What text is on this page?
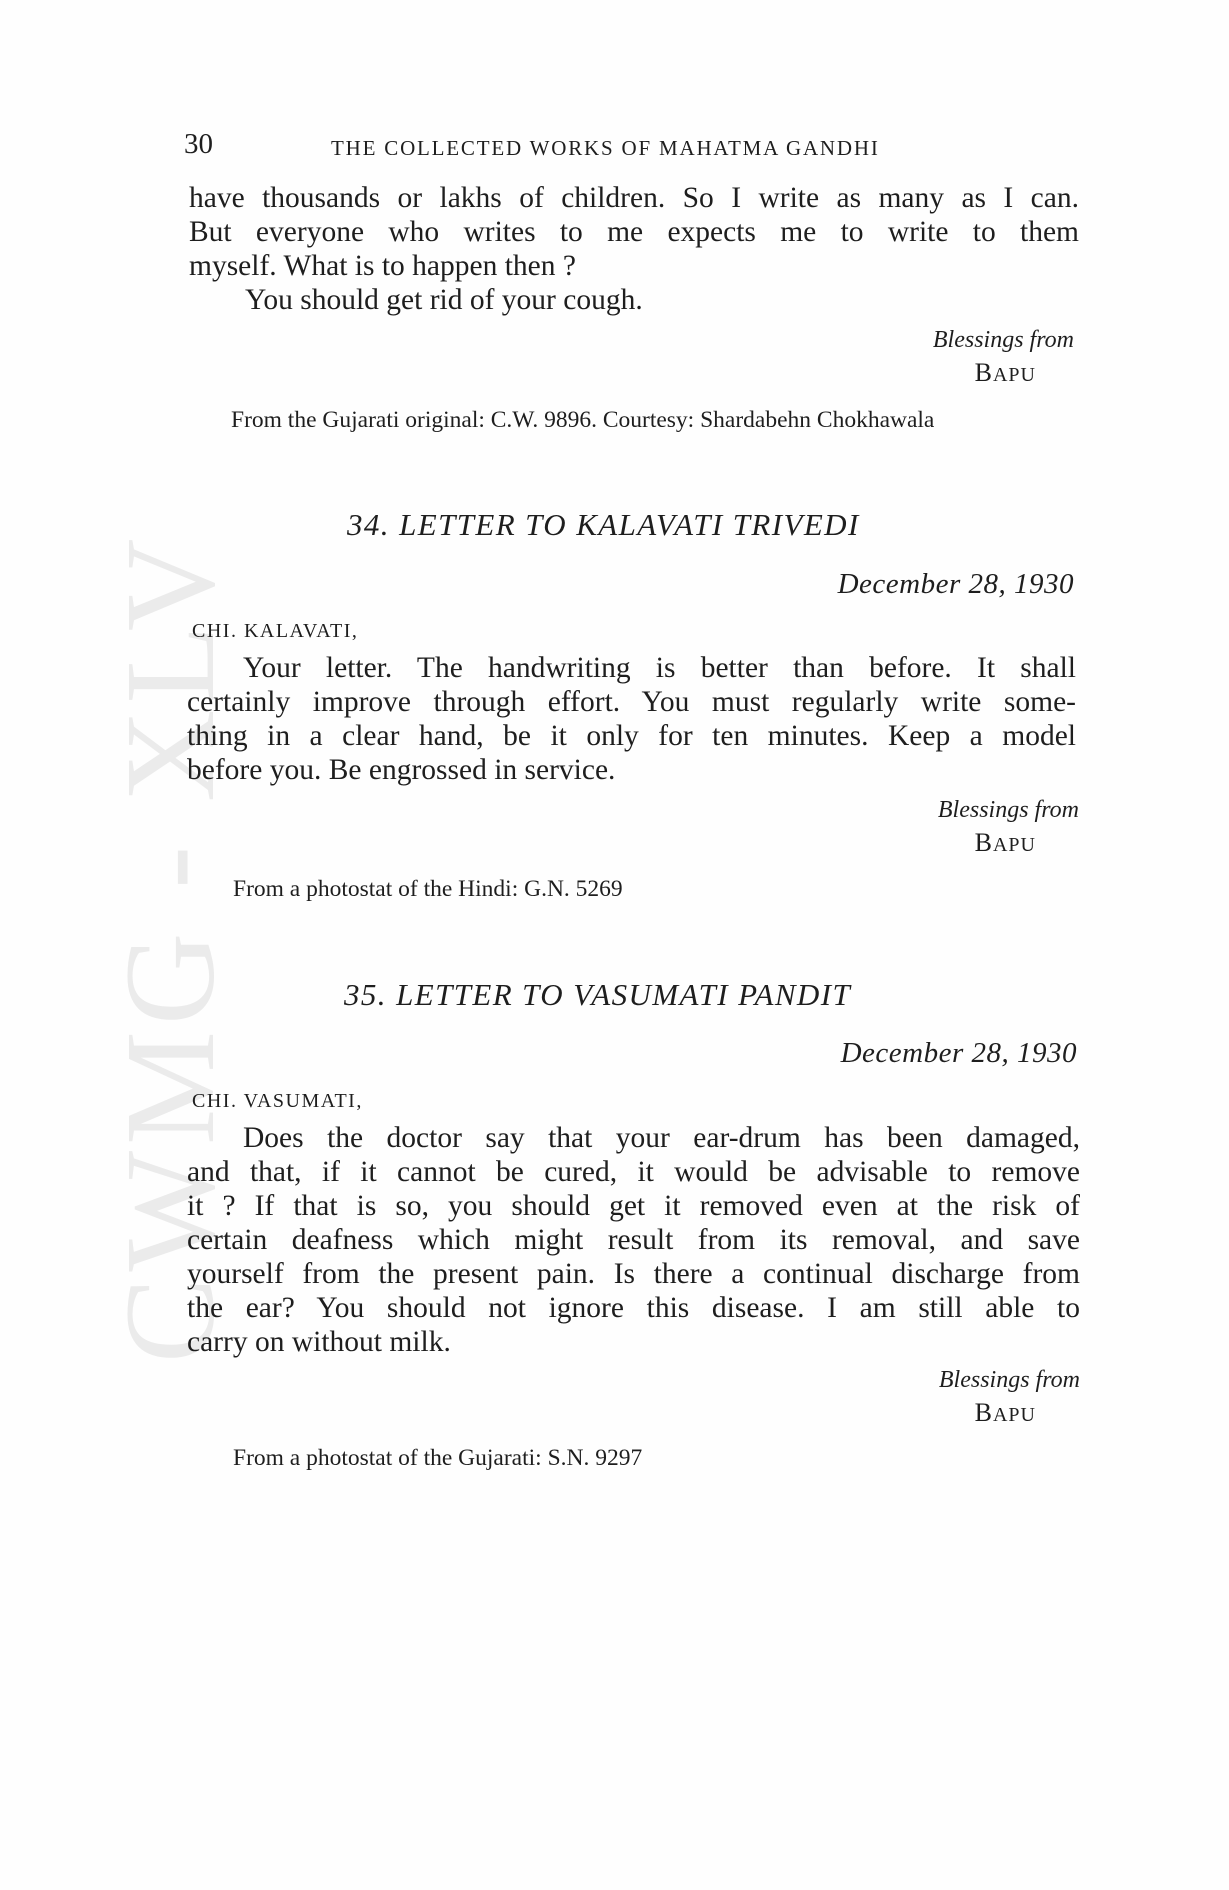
CWMG - XLV
30	THE COLLECTED WORKS OF MAHATMA GANDHI
have thousands or lakhs of children. So I write as many as I can.
But everyone who writes to me expects me to write to them
myself. What is to happen then ?
You should get rid of your cough.
Blessings from
BAPU
From the Gujarati original: C.W. 9896. Courtesy: Shardabehn Chokhawala
34. LETTER TO KALAVATI TRIVEDI
December 28, 1930
CHI. KALAVATI,
Your letter. The handwriting is better than before. It shall
certainly improve through effort. You must regularly write some-
thing in a clear hand, be it only for ten minutes. Keep a model
before you. Be engrossed in service.
Blessings from
BAPU
From a photostat of the Hindi: G.N. 5269
35. LETTER TO VASUMATI PANDIT
December 28, 1930
CHI. VASUMATI,
Does the doctor say that your ear-drum has been damaged,
and that, if it cannot be cured, it would be advisable to remove
it ? If that is so, you should get it removed even at the risk of
certain deafness which might result from its removal, and save
yourself from the present pain. Is there a continual discharge from
the ear? You should not ignore this disease. I am still able to
carry on without milk.
Blessings from
BAPU
From a photostat of the Gujarati: S.N. 9297
